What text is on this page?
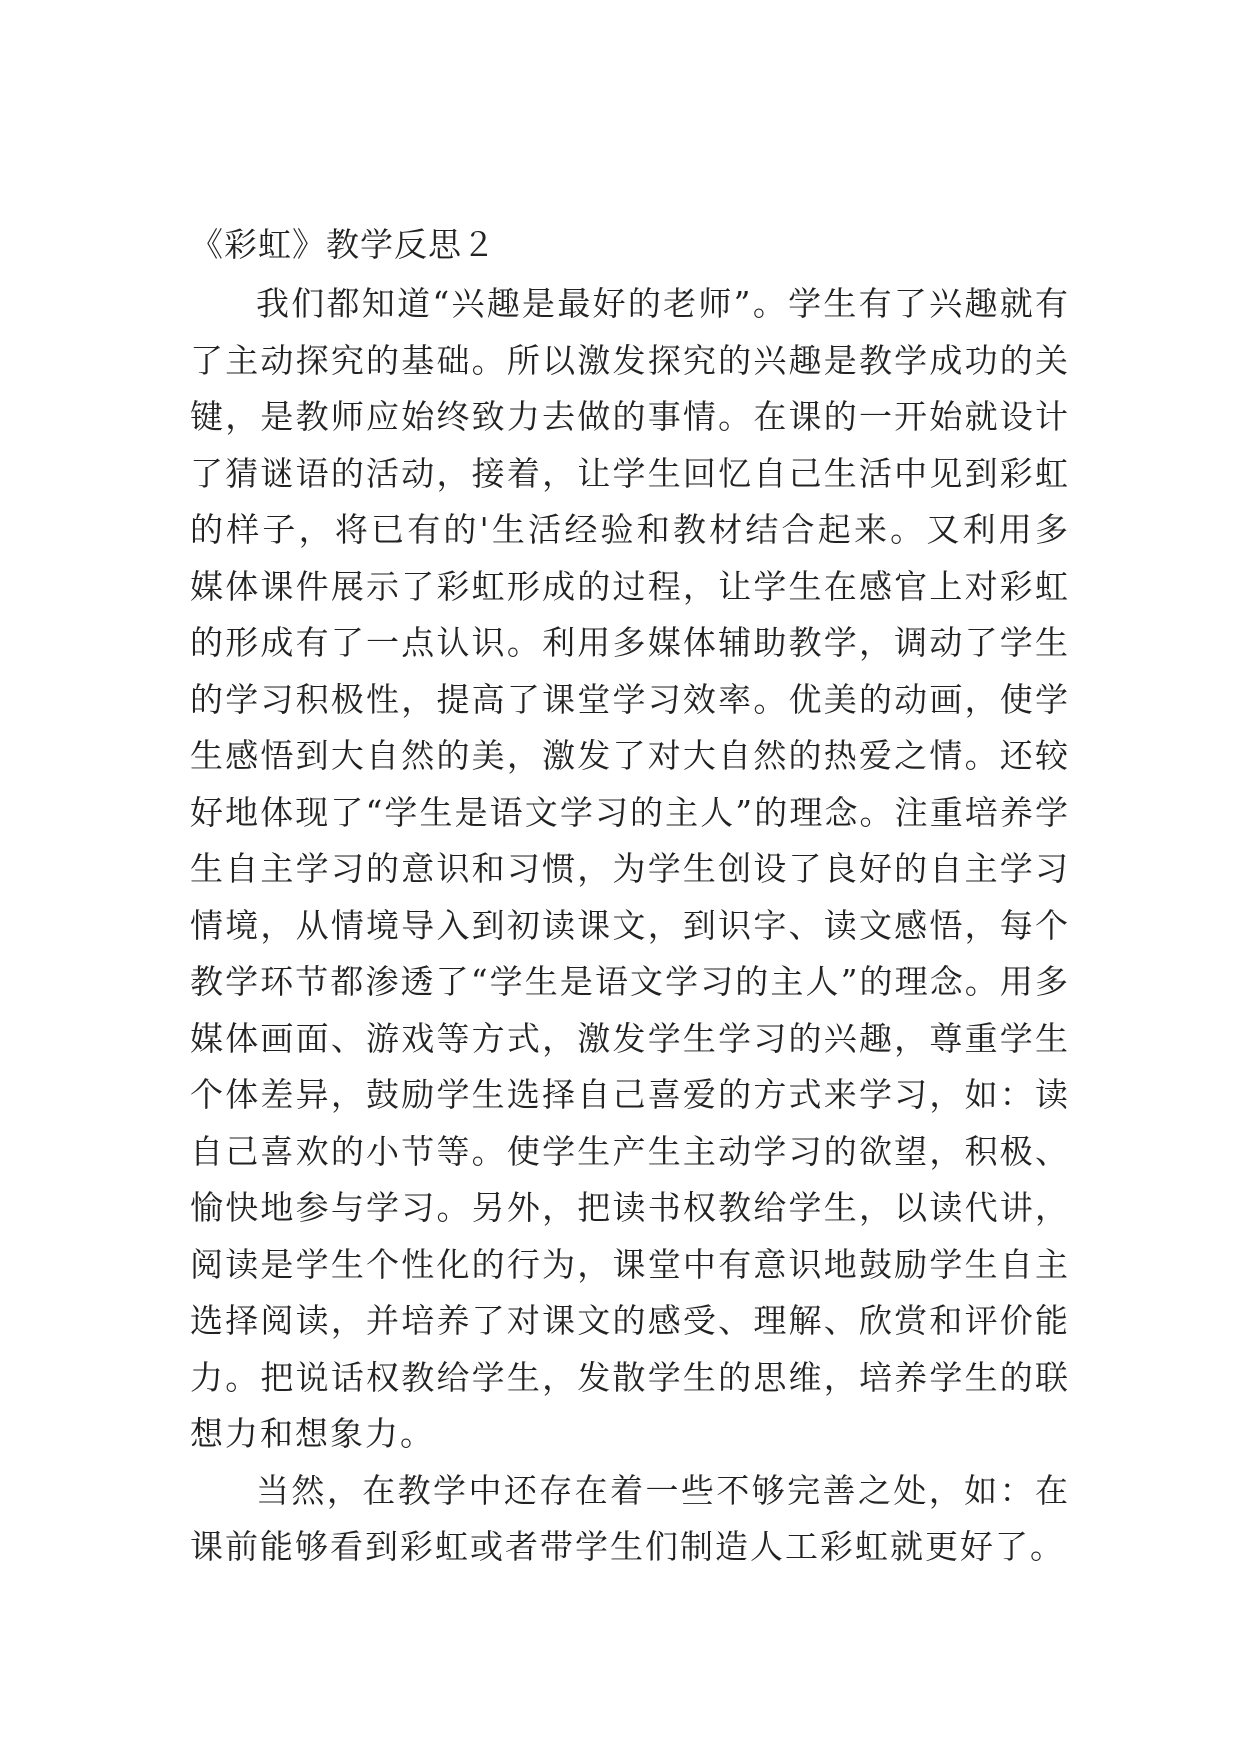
《彩虹》教学反思２

我们都知道“兴趣是最好的老师”。学生有了兴趣就有了主动探究的基础。所以激发探究的兴趣是教学成功的关键，是教师应始终致力去做的事情。在课的一开始就设计了猜谜语的活动，接着，让学生回忆自己生活中见到彩虹的样子，将已有的'生活经验和教材结合起来。又利用多媒体课件展示了彩虹形成的过程，让学生在感官上对彩虹的形成有了一点认识。利用多媒体辅助教学，调动了学生的学习积极性，提高了课堂学习效率。优美的动画，使学生感悟到大自然的美，激发了对大自然的热爱之情。还较好地体现了“学生是语文学习的主人”的理念。注重培养学生自主学习的意识和习惯，为学生创设了良好的自主学习情境，从情境导入到初读课文，到识字、读文感悟，每个教学环节都渗透了“学生是语文学习的主人”的理念。用多媒体画面、游戏等方式，激发学生学习的兴趣，尊重学生个体差异，鼓励学生选择自己喜爱的方式来学习，如：读自己喜欢的小节等。使学生产生主动学习的欲望，积极、愉快地参与学习。另外，把读书权教给学生，以读代讲，阅读是学生个性化的行为，课堂中有意识地鼓励学生自主选择阅读，并培养了对课文的感受、理解、欣赏和评价能力。把说话权教给学生，发散学生的思维，培养学生的联想力和想象力。

当然，在教学中还存在着一些不够完善之处，如：在课前能够看到彩虹或者带学生们制造人工彩虹就更好了。
